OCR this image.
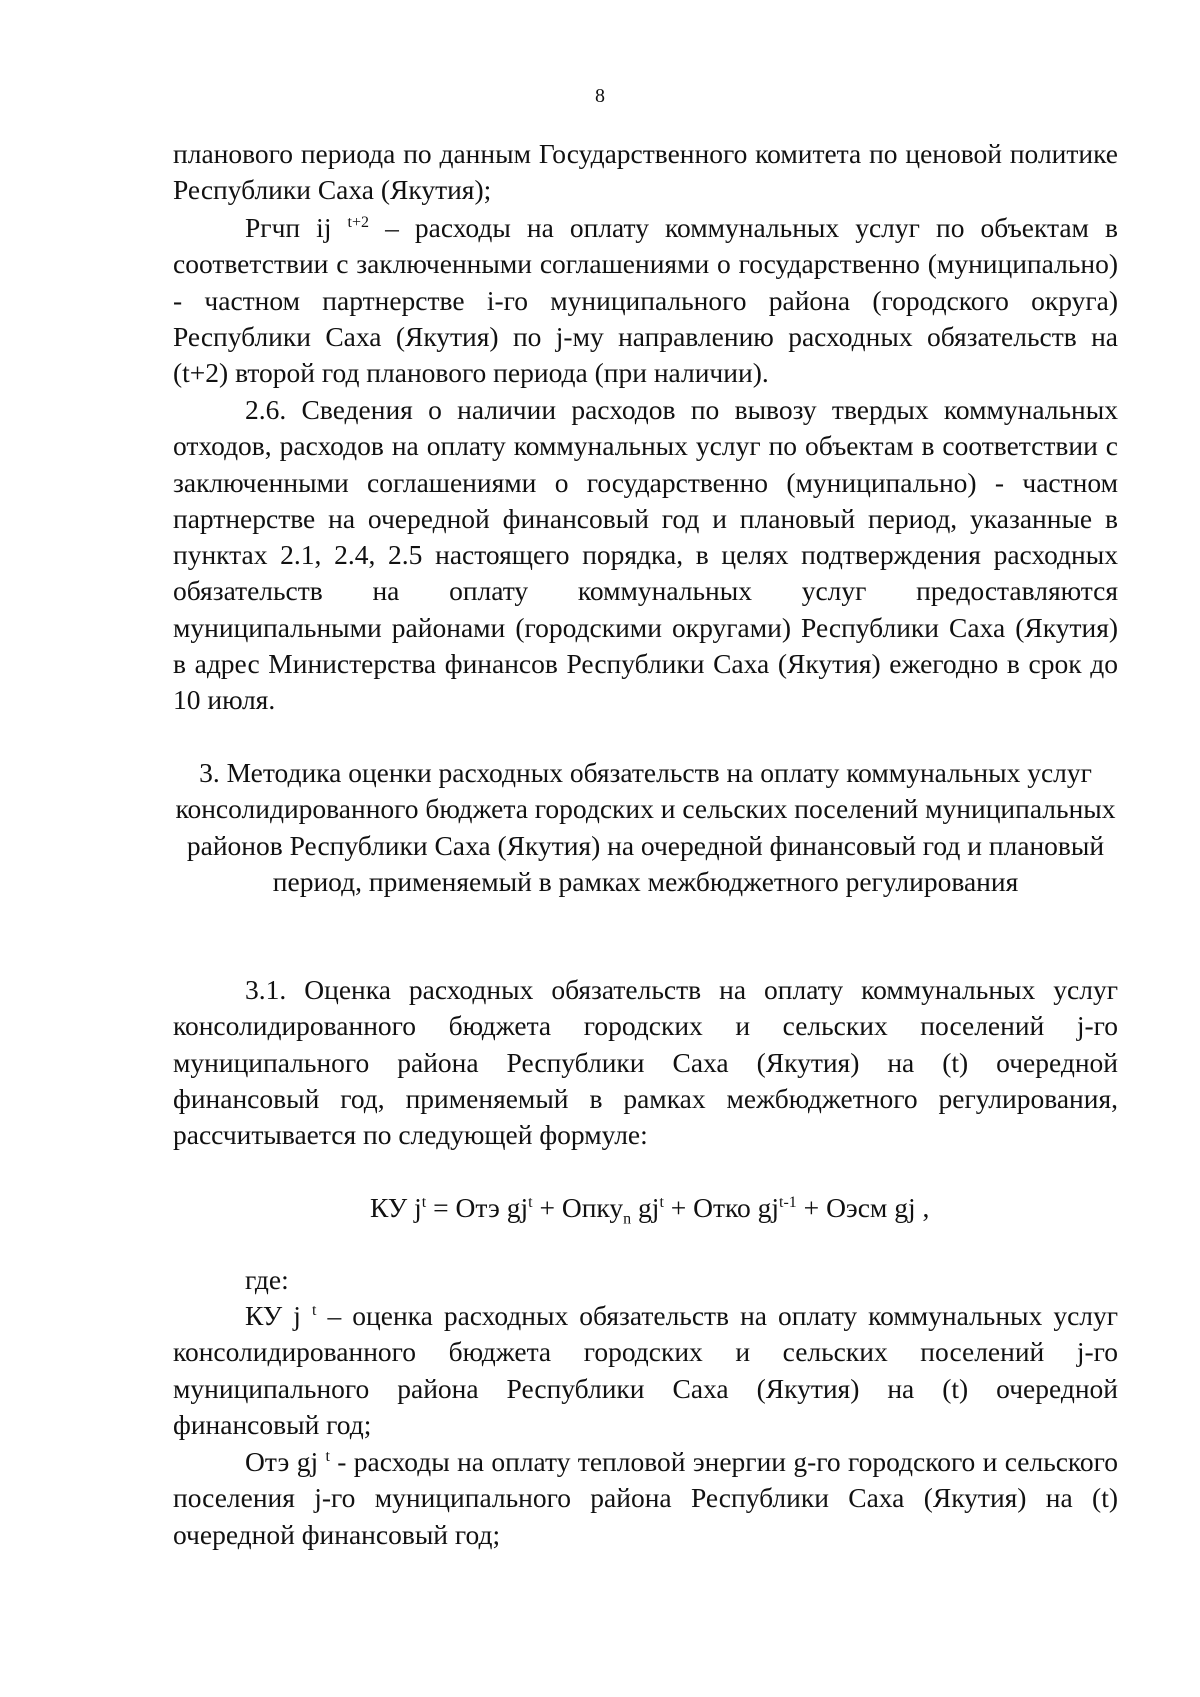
8

планового периода по данным Государственного комитета по ценовой политике Республики Саха (Якутия);

Ргчп ij $^{t+2}$ – расходы на оплату коммунальных услуг по объектам в соответствии с заключенными соглашениями о государственно (муниципально) - частном партнерстве i-го муниципального района (городского округа) Республики Саха (Якутия) по j-му направлению расходных обязательств на (t+2) второй год планового периода (при наличии).

2.6. Сведения о наличии расходов по вывозу твердых коммунальных отходов, расходов на оплату коммунальных услуг по объектам в соответствии с заключенными соглашениями о государственно (муниципально) - частном партнерстве на очередной финансовый год и плановый период, указанные в пунктах 2.1, 2.4, 2.5 настоящего порядка, в целях подтверждения расходных обязательств на оплату коммунальных услуг предоставляются муниципальными районами (городскими округами) Республики Саха (Якутия) в адрес Министерства финансов Республики Саха (Якутия) ежегодно в срок до 10 июля.

3. Методика оценки расходных обязательств на оплату коммунальных услуг консолидированного бюджета городских и сельских поселений муниципальных районов Республики Саха (Якутия) на очередной финансовый год и плановый период, применяемый в рамках межбюджетного регулирования

3.1. Оценка расходных обязательств на оплату коммунальных услуг консолидированного бюджета городских и сельских поселений j-го муниципального района Республики Саха (Якутия) на (t) очередной финансовый год, применяемый в рамках межбюджетного регулирования, рассчитывается по следующей формуле:

КУ $j^t$ = Отэ $gj^t$ + Опку$_n$ $gj^t$ + Отко $gj^{t-1}$ + Оэсм gj ,

где:

КУ j $^t$ – оценка расходных обязательств на оплату коммунальных услуг консолидированного бюджета городских и сельских поселений j-го муниципального района Республики Саха (Якутия) на (t) очередной финансовый год;

Отэ gj $^t$ - расходы на оплату тепловой энергии g-го городского и сельского поселения j-го муниципального района Республики Саха (Якутия) на (t) очередной финансовый год;
